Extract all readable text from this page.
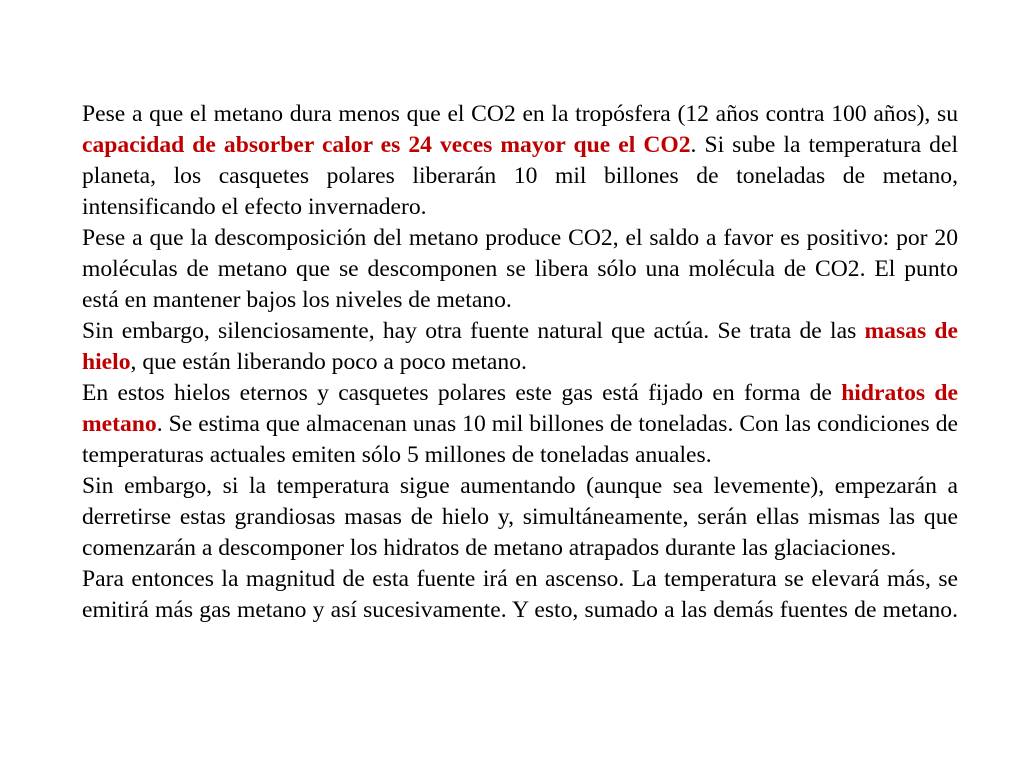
Pese a que el metano dura menos que el CO2 en la tropósfera (12 años contra 100 años), su capacidad de absorber calor es 24 veces mayor que el CO2. Si sube la temperatura del planeta, los casquetes polares liberarán 10 mil billones de toneladas de metano, intensificando el efecto invernadero.

Pese a que la descomposición del metano produce CO2, el saldo a favor es positivo: por 20 moléculas de metano que se descomponen se libera sólo una molécula de CO2. El punto está en mantener bajos los niveles de metano.

Sin embargo, silenciosamente, hay otra fuente natural que actúa. Se trata de las masas de hielo, que están liberando poco a poco metano.

En estos hielos eternos y casquetes polares este gas está fijado en forma de hidratos de metano. Se estima que almacenan unas 10 mil billones de toneladas. Con las condiciones de temperaturas actuales emiten sólo 5 millones de toneladas anuales.

Sin embargo, si la temperatura sigue aumentando (aunque sea levemente), empezarán a derretirse estas grandiosas masas de hielo y, simultáneamente, serán ellas mismas las que comenzarán a descomponer los hidratos de metano atrapados durante las glaciaciones.

Para entonces la magnitud de esta fuente irá en ascenso. La temperatura se elevará más, se emitirá más gas metano y así sucesivamente. Y esto, sumado a las demás fuentes de metano.
